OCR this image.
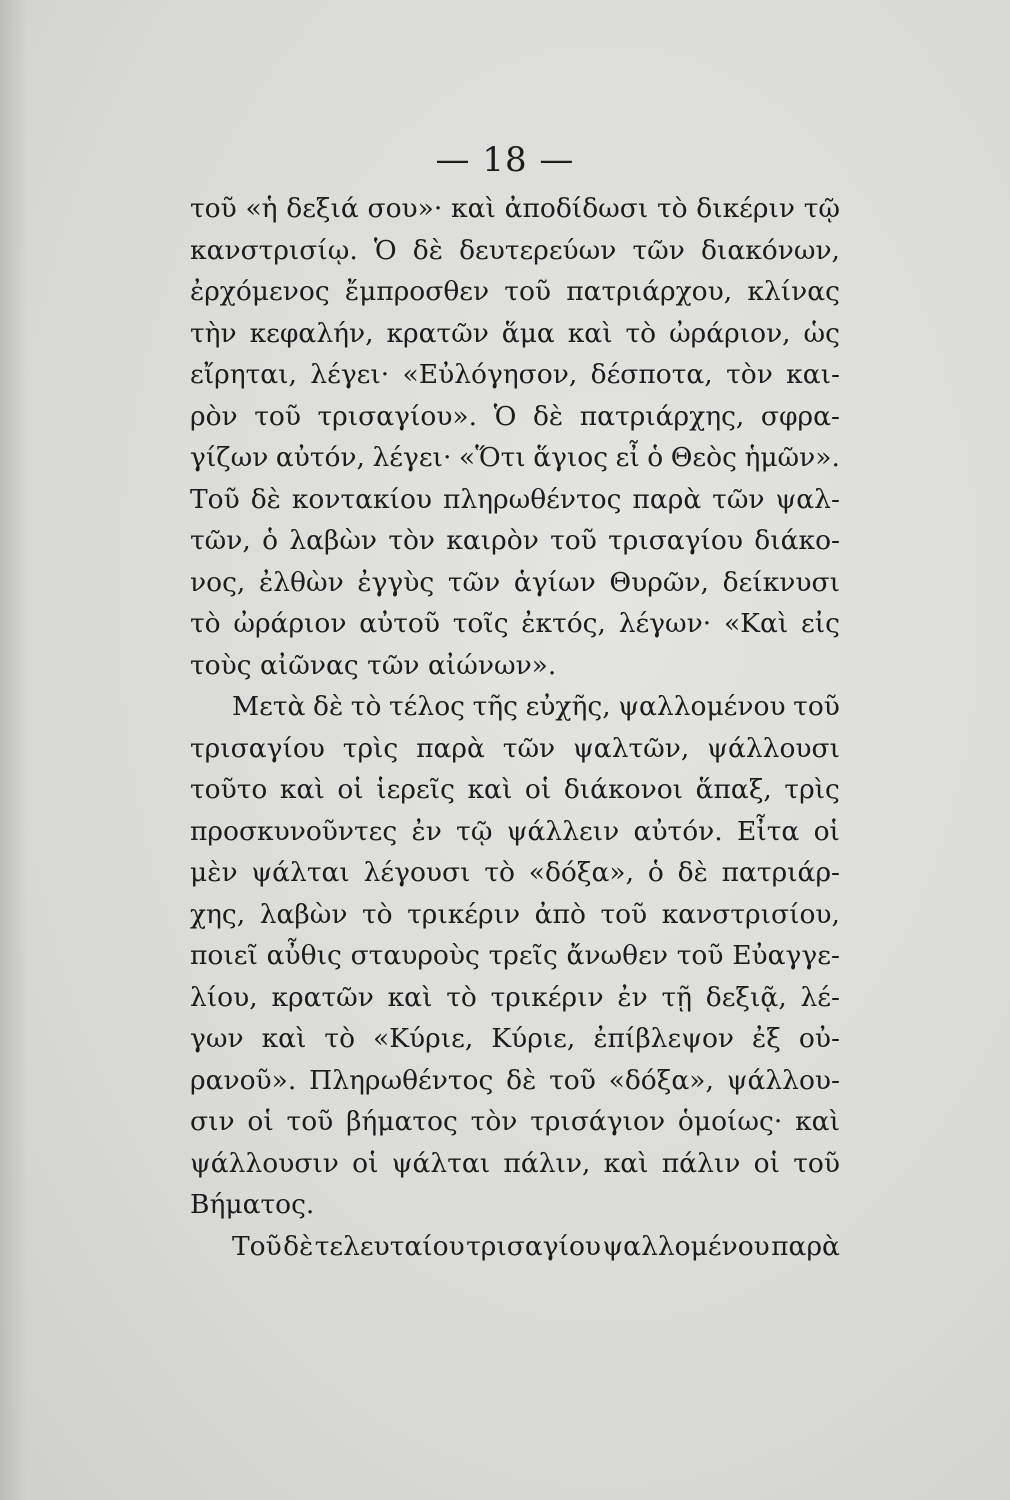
— 18 —
τοῦ «ἡ δεξιά σου»· καὶ ἀποδίδωσι τὸ δικέριν τῷ
κανστρισίῳ. Ὁ δὲ δευτερεύων τῶν διακόνων,
ἐρχόμενος ἔμπροσθεν τοῦ πατριάρχου, κλίνας
τὴν κεφαλήν, κρατῶν ἅμα καὶ τὸ ὠράριον, ὡς
εἴρηται, λέγει· «Εὐλόγησον, δέσποτα, τὸν και-
ρὸν τοῦ τρισαγίου». Ὁ δὲ πατριάρχης, σφρα-
γίζων αὐτόν, λέγει· «Ὅτι ἅγιος εἶ ὁ Θεὸς ἡμῶν».
Τοῦ δὲ κοντακίου πληρωθέντος παρὰ τῶν ψαλ-
τῶν, ὁ λαβὼν τὸν καιρὸν τοῦ τρισαγίου διάκο-
νος, ἐλθὼν ἐγγὺς τῶν ἁγίων Θυρῶν, δείκνυσι
τὸ ὠράριον αὐτοῦ τοῖς ἐκτός, λέγων· «Καὶ εἰς
τοὺς αἰῶνας τῶν αἰώνων».
Μετὰ δὲ τὸ τέλος τῆς εὐχῆς, ψαλλομένου τοῦ
τρισαγίου τρὶς παρὰ τῶν ψαλτῶν, ψάλλουσι
τοῦτο καὶ οἱ ἱερεῖς καὶ οἱ διάκονοι ἅπαξ, τρὶς
προσκυνοῦντες ἐν τῷ ψάλλειν αὐτόν. Εἶτα οἱ
μὲν ψάλται λέγουσι τὸ «δόξα», ὁ δὲ πατριάρ-
χης, λαβὼν τὸ τρικέριν ἀπὸ τοῦ κανστρισίου,
ποιεῖ αὖθις σταυροὺς τρεῖς ἄνωθεν τοῦ Εὐαγγε-
λίου, κρατῶν καὶ τὸ τρικέριν ἐν τῇ δεξιᾷ, λέ-
γων καὶ τὸ «Κύριε, Κύριε, ἐπίβλεψον ἐξ οὐ-
ρανοῦ». Πληρωθέντος δὲ τοῦ «δόξα», ψάλλου-
σιν οἱ τοῦ βήματος τὸν τρισάγιον ὁμοίως· καὶ
ψάλλουσιν οἱ ψάλται πάλιν, καὶ πάλιν οἱ τοῦ
Βήματος.
Τοῦ δὲ τελευταίου τρισαγίου ψαλλομένου παρὰ
